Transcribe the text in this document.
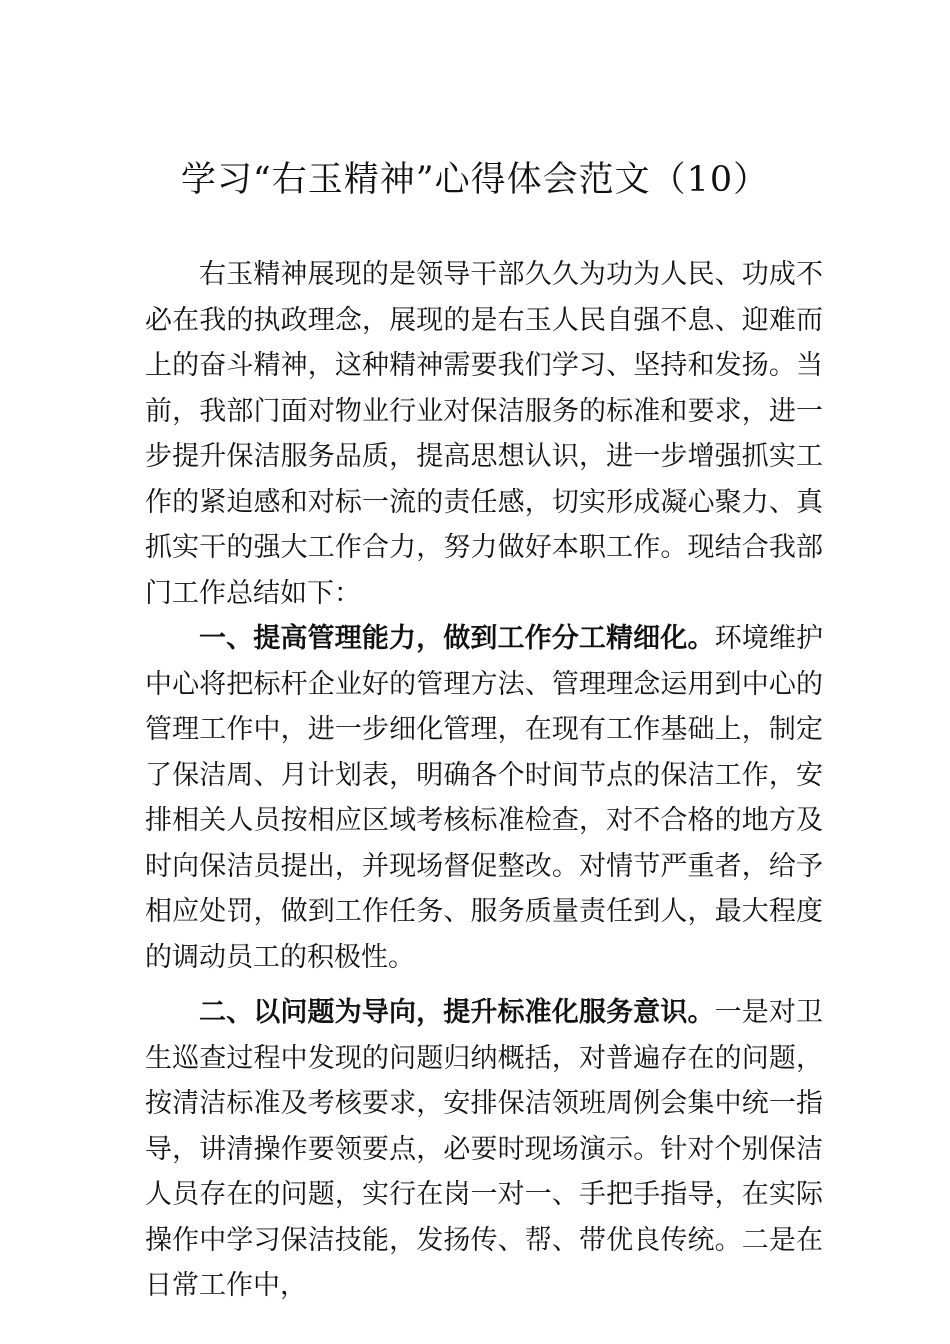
学习“右玉精神”心得体会范文（10）

右玉精神展现的是领导干部久久为功为人民、功成不必在我的执政理念，展现的是右玉人民自强不息、迎难而上的奋斗精神，这种精神需要我们学习、坚持和发扬。当前，我部门面对物业行业对保洁服务的标准和要求，进一步提升保洁服务品质，提高思想认识，进一步增强抓实工作的紧迫感和对标一流的责任感，切实形成凝心聚力、真抓实干的强大工作合力，努力做好本职工作。现结合我部门工作总结如下：

一、提高管理能力，做到工作分工精细化。环境维护中心将把标杆企业好的管理方法、管理理念运用到中心的管理工作中，进一步细化管理，在现有工作基础上，制定了保洁周、月计划表，明确各个时间节点的保洁工作，安排相关人员按相应区域考核标准检查，对不合格的地方及时向保洁员提出，并现场督促整改。对情节严重者，给予相应处罚，做到工作任务、服务质量责任到人，最大程度的调动员工的积极性。

二、以问题为导向，提升标准化服务意识。一是对卫生巡查过程中发现的问题归纳概括，对普遍存在的问题，按清洁标准及考核要求，安排保洁领班周例会集中统一指导，讲清操作要领要点，必要时现场演示。针对个别保洁人员存在的问题，实行在岗一对一、手把手指导，在实际操作中学习保洁技能，发扬传、帮、带优良传统。二是在日常工作中，
